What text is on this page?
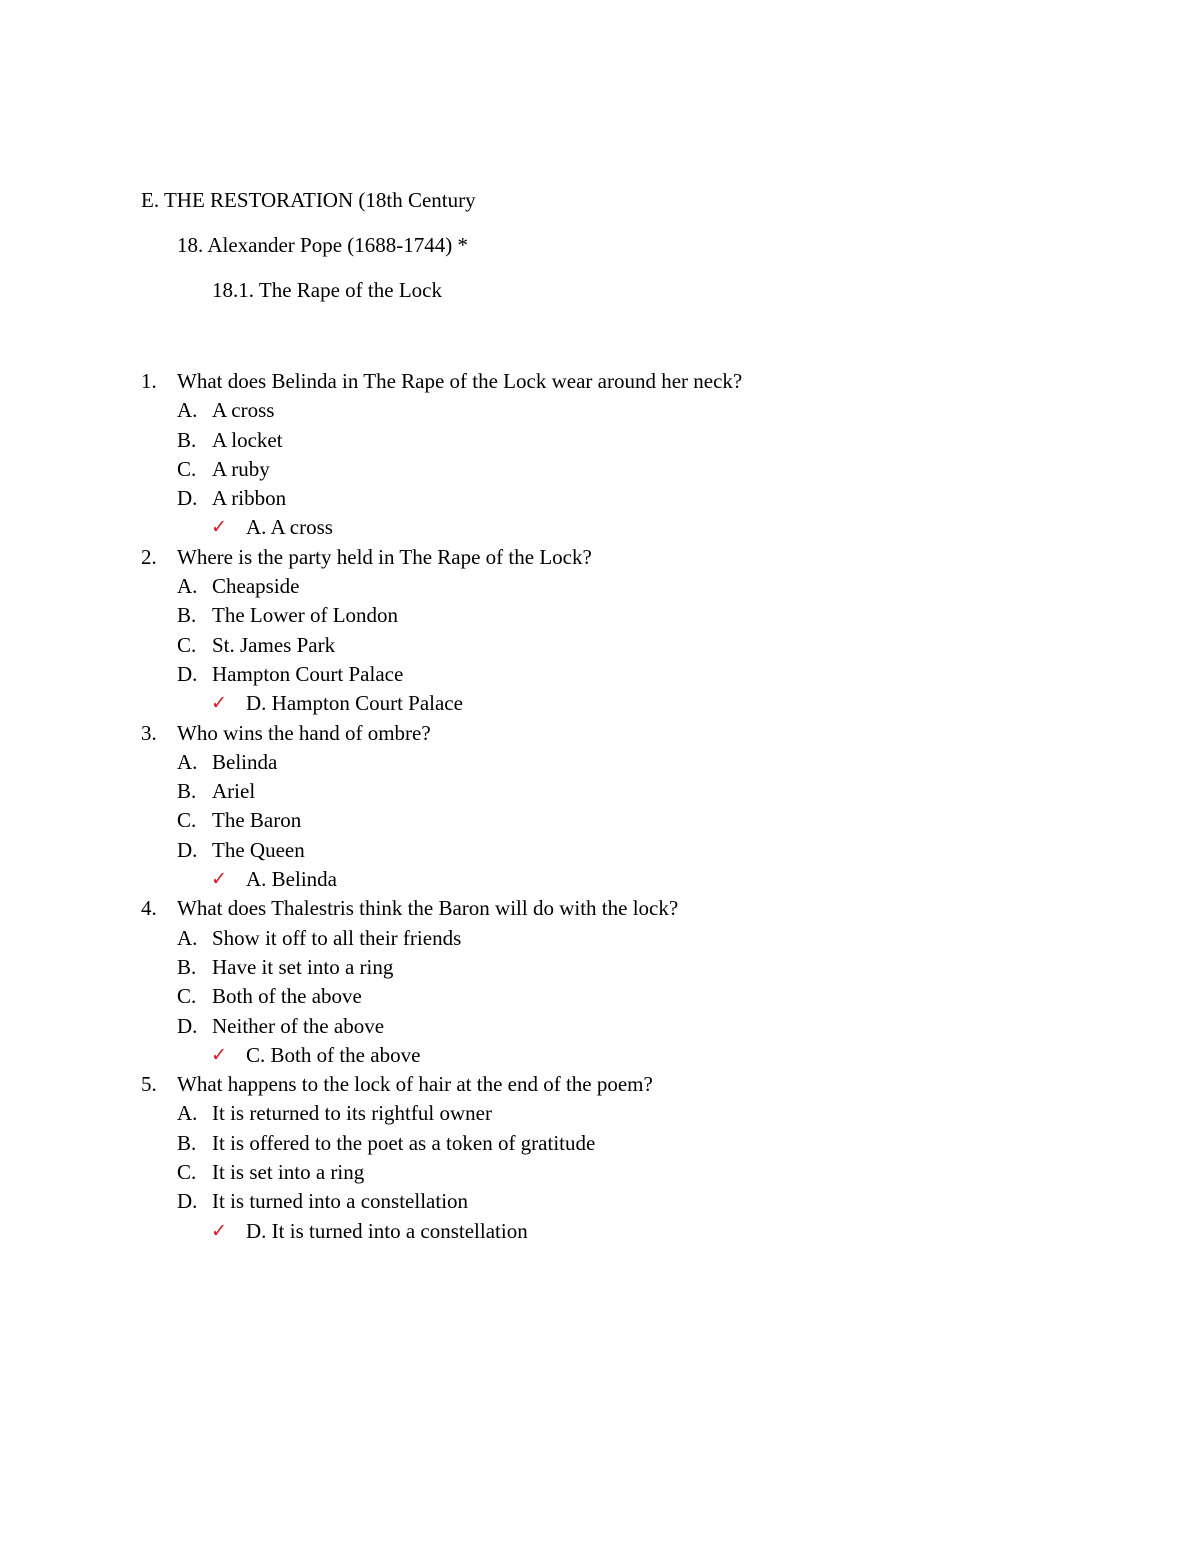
E. THE RESTORATION (18th Century
18. Alexander Pope (1688-1744) *
18.1. The Rape of the Lock
1. What does Belinda in The Rape of the Lock wear around her neck?
A. A cross
B. A locket
C. A ruby
D. A ribbon
✓ A. A cross
2. Where is the party held in The Rape of the Lock?
A. Cheapside
B. The Lower of London
C. St. James Park
D. Hampton Court Palace
✓ D. Hampton Court Palace
3. Who wins the hand of ombre?
A. Belinda
B. Ariel
C. The Baron
D. The Queen
✓ A. Belinda
4. What does Thalestris think the Baron will do with the lock?
A. Show it off to all their friends
B. Have it set into a ring
C. Both of the above
D. Neither of the above
✓ C. Both of the above
5. What happens to the lock of hair at the end of the poem?
A. It is returned to its rightful owner
B. It is offered to the poet as a token of gratitude
C. It is set into a ring
D. It is turned into a constellation
✓ D. It is turned into a constellation
